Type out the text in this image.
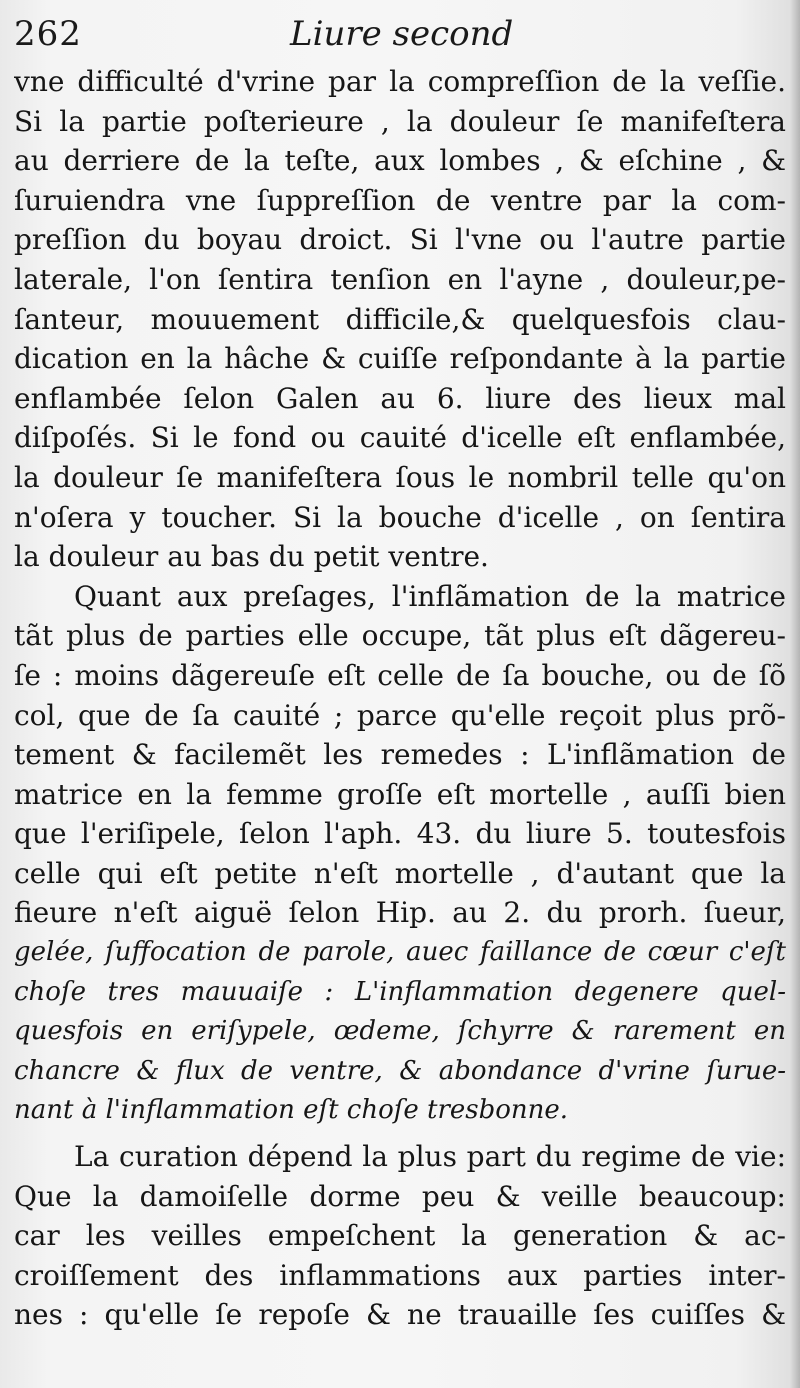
262	Liure second
vne difficulté d'vrine par la compreſſion de la veſſie.
Si la partie poſterieure , la douleur ſe manifeſtera
au derriere de la teſte, aux lombes , & eſchine , &
ſuruiendra vne ſuppreſſion de ventre par la com-
preſſion du boyau droict. Si l'vne ou l'autre partie
laterale, l'on ſentira tenſion en l'ayne , douleur,pe-
ſanteur, mouuement difficile,& quelquesfois clau-
dication en la hâche & cuiſſe reſpondante à la partie
enflambée ſelon Galen au 6. liure des lieux mal
diſpoſés. Si le fond ou cauité d'icelle eſt enflambée,
la douleur ſe manifeſtera ſous le nombril telle qu'on
n'oſera y toucher. Si la bouche d'icelle , on ſentira
la douleur au bas du petit ventre.
Quant aux preſages, l'inflãmation de la matrice
tãt plus de parties elle occupe, tãt plus eſt dãgereu-
ſe : moins dãgereuſe eſt celle de ſa bouche, ou de ſõ
col, que de ſa cauité ; parce qu'elle reçoit plus prõ-
tement & facilemẽt les remedes : L'inflãmation de
matrice en la femme groſſe eſt mortelle , auſſi bien
que l'eriſipele, ſelon l'aph. 43. du liure 5. toutesfois
celle qui eſt petite n'eſt mortelle , d'autant que la
fieure n'eſt aiguë ſelon Hip. au 2. du prorh. ſueur,
gelée, ſuffocation de parole, auec faillance de cœur c'eſt
choſe tres mauuaiſe : L'inflammation degenere quel-
quesfois en eriſypele, œdeme, ſchyrre & rarement en
chancre & flux de ventre, & abondance d'vrine ſurue-
nant à l'inflammation eſt choſe tresbonne.
La curation dépend la plus part du regime de vie:
Que la damoiſelle dorme peu & veille beaucoup:
car les veilles empeſchent la generation & ac-
croiſſement des inflammations aux parties inter-
nes : qu'elle ſe repoſe & ne trauaille ſes cuiſſes &
